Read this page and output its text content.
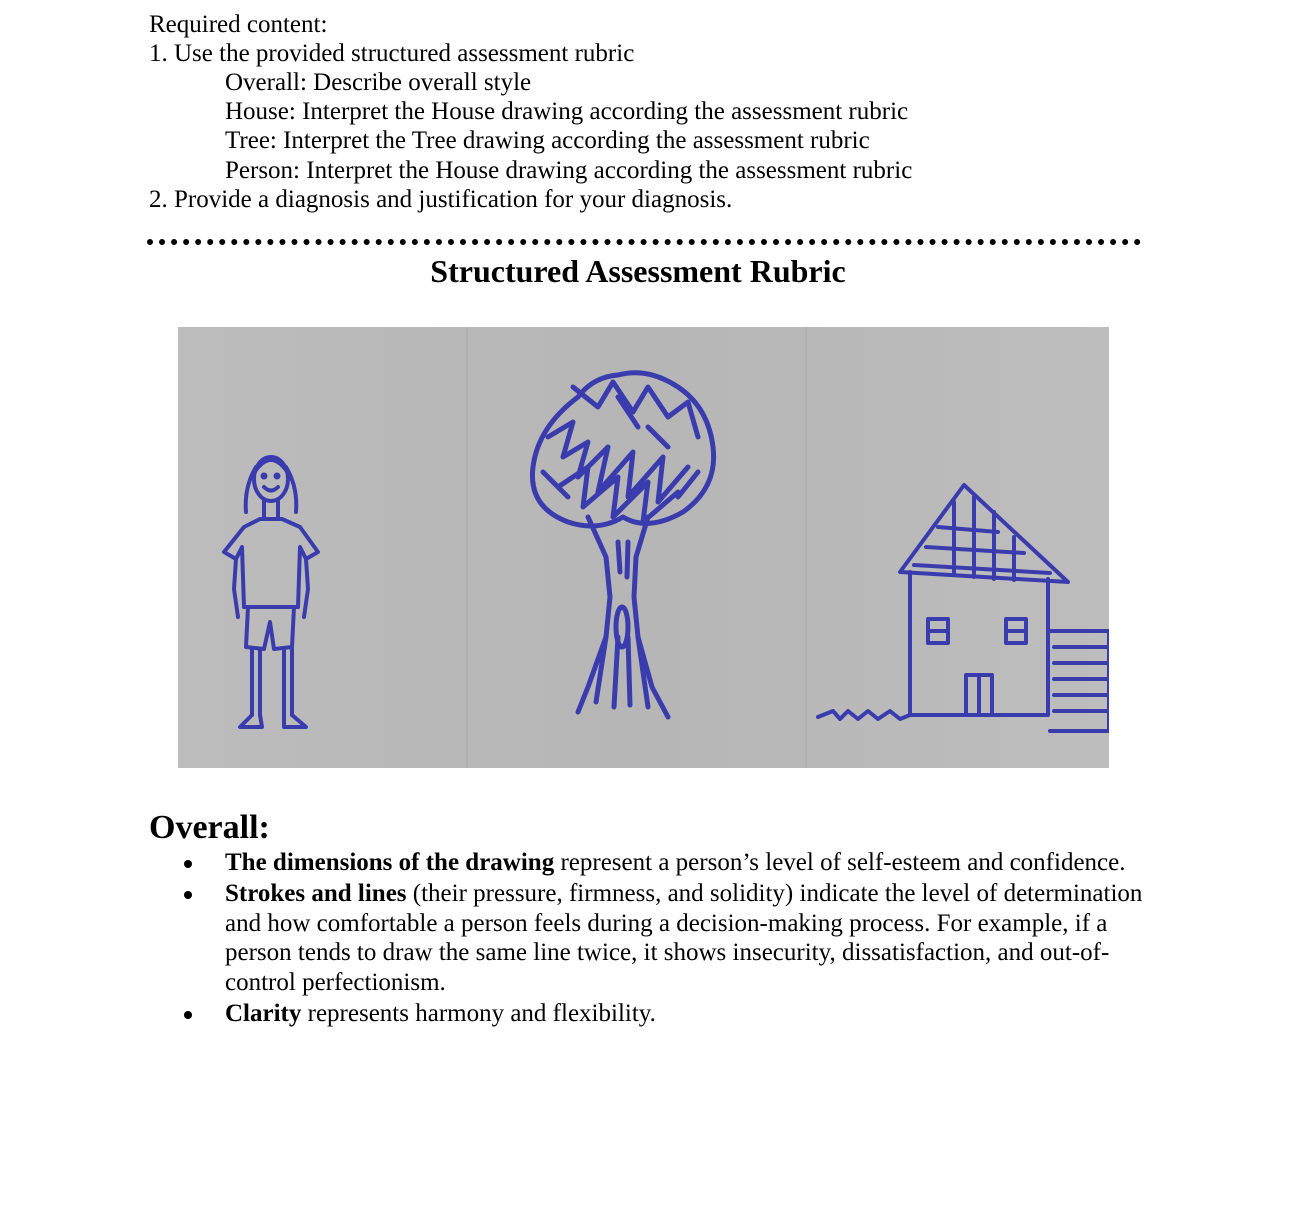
Required content:
1. Use the provided structured assessment rubric
Overall: Describe overall style
House: Interpret the House drawing according the assessment rubric
Tree: Interpret the Tree drawing according the assessment rubric
Person: Interpret the House drawing according the assessment rubric
2. Provide a diagnosis and justification for your diagnosis.
Structured Assessment Rubric
Overall:
The dimensions of the drawing represent a person’s level of self-esteem and confidence.
Strokes and lines (their pressure, firmness, and solidity) indicate the level of determination and how comfortable a person feels during a decision-making process. For example, if a person tends to draw the same line twice, it shows insecurity, dissatisfaction, and out-of-control perfectionism.
Clarity represents harmony and flexibility.
